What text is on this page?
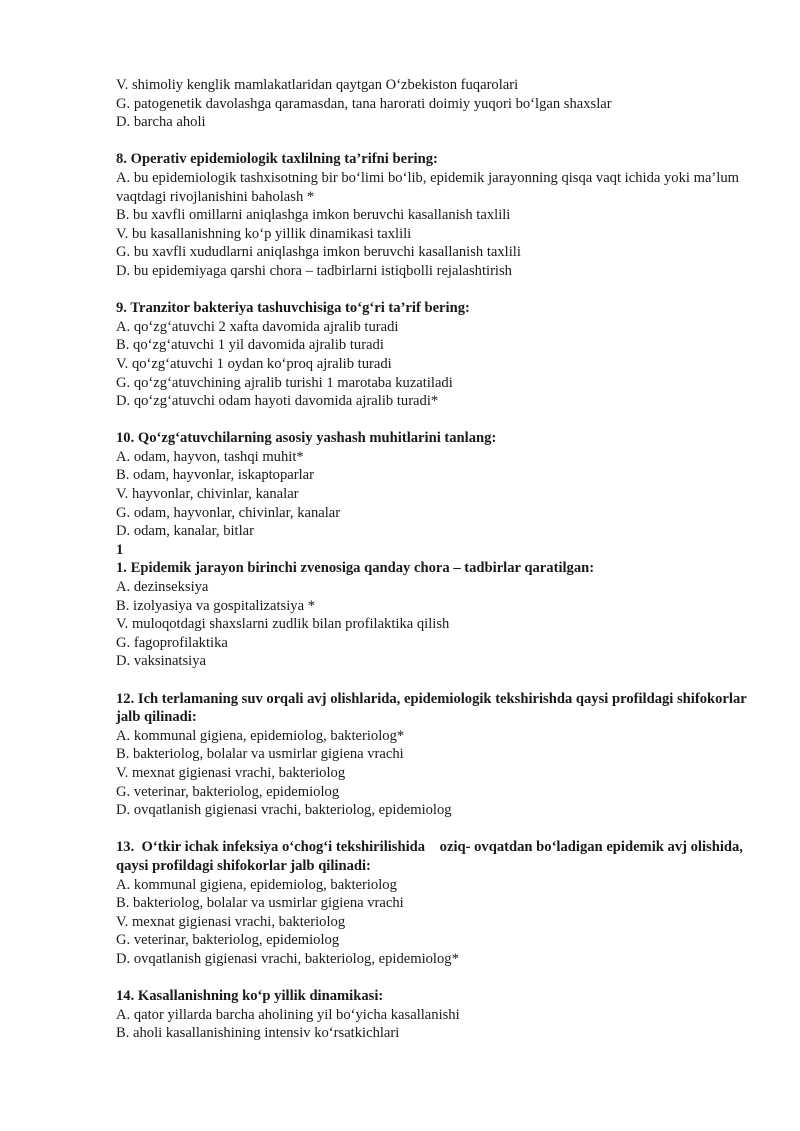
V. shimoliy kenglik mamlakatlaridan qaytgan O‘zbekiston fuqarolari

G. patogenetik davolashga qaramasdan, tana harorati doimiy yuqori bo‘lgan shaxslar

D. barcha aholi

8. Operativ epidemiologik taxlilning ta’rifni bering:

A. bu epidemiologik tashxisotning bir bo‘limi bo‘lib, epidemik jarayonning qisqa vaqt ichida yoki ma’lum vaqtdagi rivojlanishini baholash *

B. bu xavfli omillarni aniqlashga imkon beruvchi kasallanish taxlili

V. bu kasallanishning ko‘p yillik dinamikasi taxlili

G. bu xavfli xududlarni aniqlashga imkon beruvchi kasallanish taxlili

D. bu epidemiyaga qarshi chora – tadbirlarni istiqbolli rejalashtirish

9. Tranzitor bakteriya tashuvchisiga to‘g‘ri ta’rif bering:

A. qo‘zg‘atuvchi 2 xafta davomida ajralib turadi

B. qo‘zg‘atuvchi 1 yil davomida ajralib turadi

V. qo‘zg‘atuvchi 1 oydan ko‘proq ajralib turadi

G. qo‘zg‘atuvchining ajralib turishi 1 marotaba kuzatiladi

D. qo‘zg‘atuvchi odam hayoti davomida ajralib turadi*

10. Qo‘zg‘atuvchilarning asosiy yashash muhitlarini tanlang:

A. odam, hayvon, tashqi muhit*

B. odam, hayvonlar, iskaptoparlar

V. hayvonlar, chivinlar, kanalar

G. odam, hayvonlar, chivinlar, kanalar

D. odam, kanalar, bitlar

1

1. Epidemik jarayon birinchi zvenosiga qanday chora – tadbirlar qaratilgan:

A. dezinseksiya

B. izolyasiya va gospitalizatsiya *

V. muloqotdagi shaxslarni zudlik bilan profilaktika qilish

G. fagoprofilaktika

D. vaksinatsiya

12. Ich terlamaning suv orqali avj olishlarida, epidemiologik tekshirishda qaysi profildagi shifokorlar jalb qilinadi:

A. kommunal gigiena, epidemiolog, bakteriolog*

B. bakteriolog, bolalar va usmirlar gigiena vrachi

V. mexnat gigienasi vrachi, bakteriolog

G. veterinar, bakteriolog, epidemiolog

D. ovqatlanish gigienasi vrachi, bakteriolog, epidemiolog

13.  O‘tkir ichak infeksiya o‘chog‘i tekshirilishida    oziq- ovqatdan bo‘ladigan epidemik avj olishida, qaysi profildagi shifokorlar jalb qilinadi:

A. kommunal gigiena, epidemiolog, bakteriolog

B. bakteriolog, bolalar va usmirlar gigiena vrachi

V. mexnat gigienasi vrachi, bakteriolog

G. veterinar, bakteriolog, epidemiolog

D. ovqatlanish gigienasi vrachi, bakteriolog, epidemiolog*

14. Kasallanishning ko‘p yillik dinamikasi:

A. qator yillarda barcha aholining yil bo‘yicha kasallanishi

B. aholi kasallanishining intensiv ko‘rsatkichlari
